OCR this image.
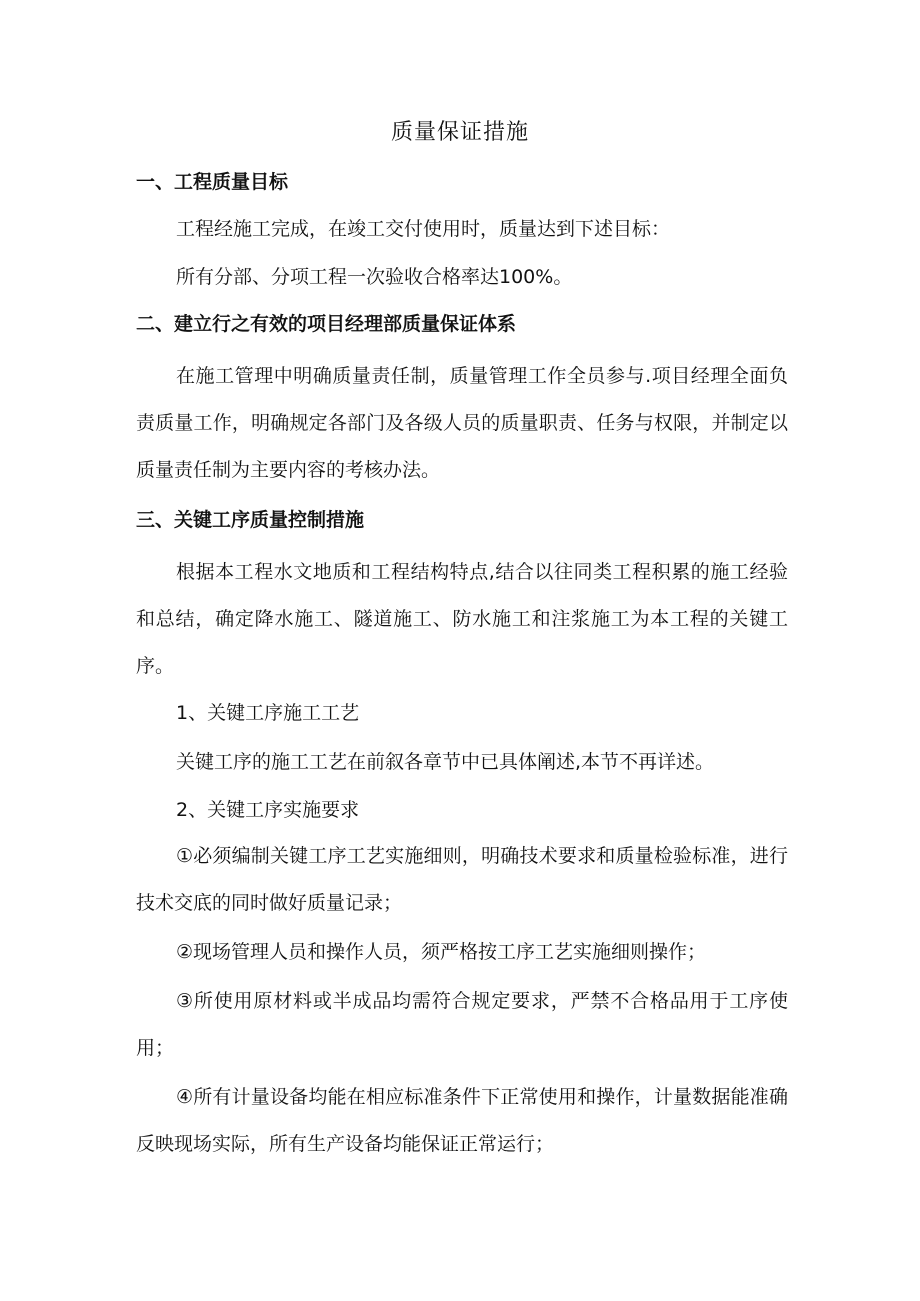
质量保证措施
一、工程质量目标
工程经施工完成，在竣工交付使用时，质量达到下述目标：
所有分部、分项工程一次验收合格率达100%。
二、建立行之有效的项目经理部质量保证体系
在施工管理中明确质量责任制，质量管理工作全员参与.项目经理全面负责质量工作，明确规定各部门及各级人员的质量职责、任务与权限，并制定以质量责任制为主要内容的考核办法。
三、关键工序质量控制措施
根据本工程水文地质和工程结构特点,结合以往同类工程积累的施工经验和总结，确定降水施工、隧道施工、防水施工和注浆施工为本工程的关键工序。
1、关键工序施工工艺
关键工序的施工工艺在前叙各章节中已具体阐述,本节不再详述。
2、关键工序实施要求
①必须编制关键工序工艺实施细则，明确技术要求和质量检验标准，进行技术交底的同时做好质量记录；
②现场管理人员和操作人员，须严格按工序工艺实施细则操作；
③所使用原材料或半成品均需符合规定要求，严禁不合格品用于工序使用；
④所有计量设备均能在相应标准条件下正常使用和操作，计量数据能准确反映现场实际，所有生产设备均能保证正常运行；
